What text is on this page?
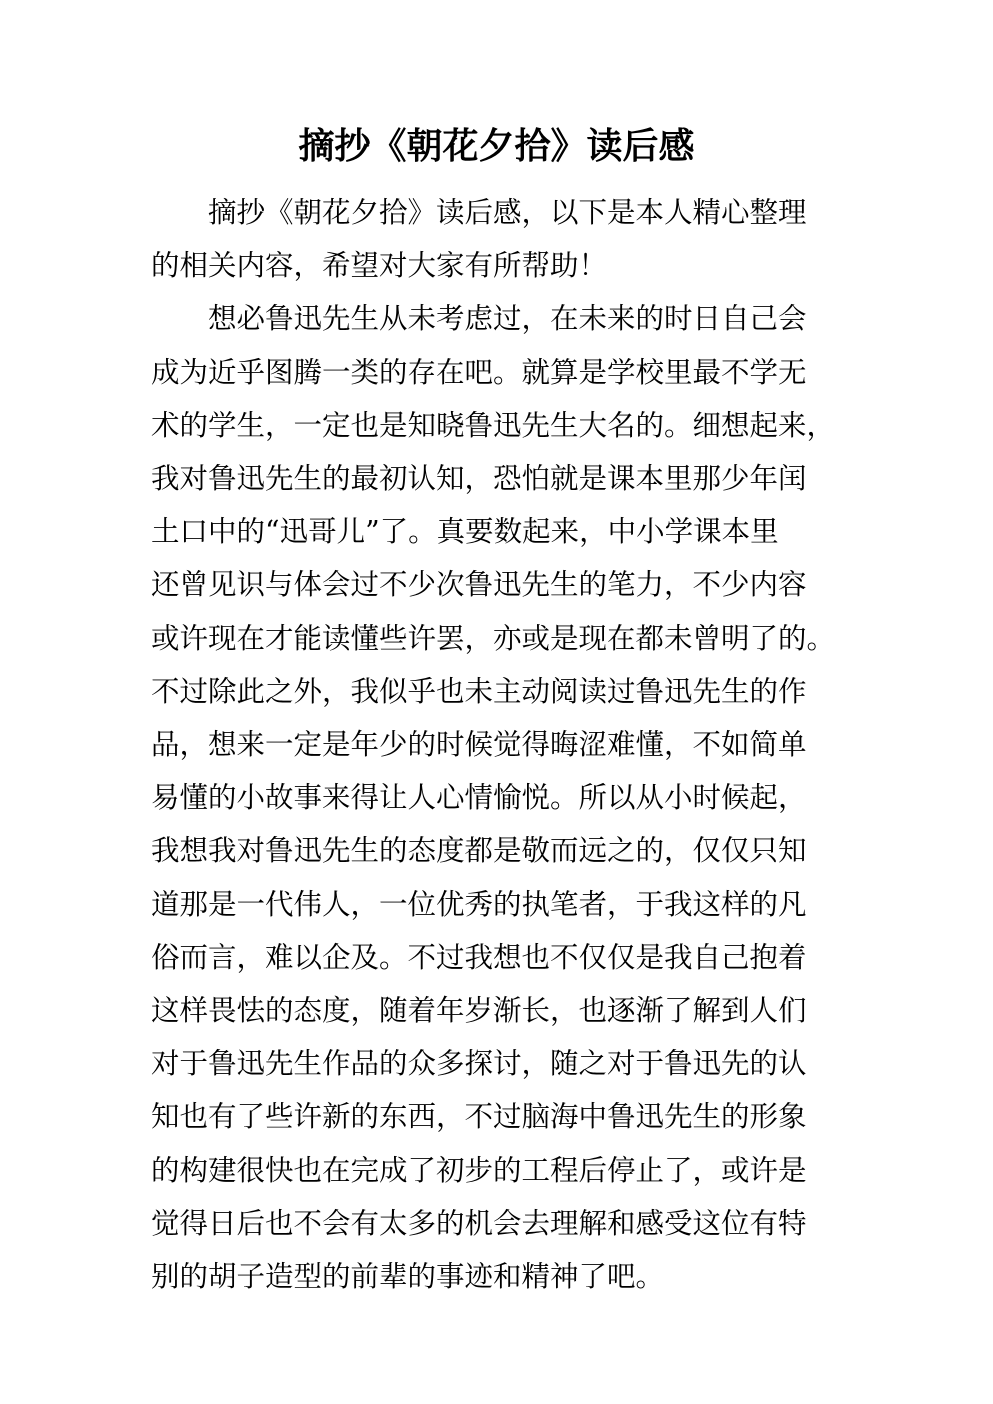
摘抄《朝花夕拾》读后感

摘抄《朝花夕拾》读后感，以下是本人精心整理
的相关内容，希望对大家有所帮助！

想必鲁迅先生从未考虑过，在未来的时日自己会
成为近乎图腾一类的存在吧。就算是学校里最不学无
术的学生，一定也是知晓鲁迅先生大名的。细想起来，
我对鲁迅先生的最初认知，恐怕就是课本里那少年闰
土口中的“迅哥儿”了。真要数起来，中小学课本里
还曾见识与体会过不少次鲁迅先生的笔力，不少内容
或许现在才能读懂些许罢，亦或是现在都未曾明了的。
不过除此之外，我似乎也未主动阅读过鲁迅先生的作
品，想来一定是年少的时候觉得晦涩难懂，不如简单
易懂的小故事来得让人心情愉悦。所以从小时候起，
我想我对鲁迅先生的态度都是敬而远之的，仅仅只知
道那是一代伟人，一位优秀的执笔者，于我这样的凡
俗而言，难以企及。不过我想也不仅仅是我自己抱着
这样畏怯的态度，随着年岁渐长，也逐渐了解到人们
对于鲁迅先生作品的众多探讨，随之对于鲁迅先的认
知也有了些许新的东西，不过脑海中鲁迅先生的形象
的构建很快也在完成了初步的工程后停止了，或许是
觉得日后也不会有太多的机会去理解和感受这位有特
别的胡子造型的前辈的事迹和精神了吧。
